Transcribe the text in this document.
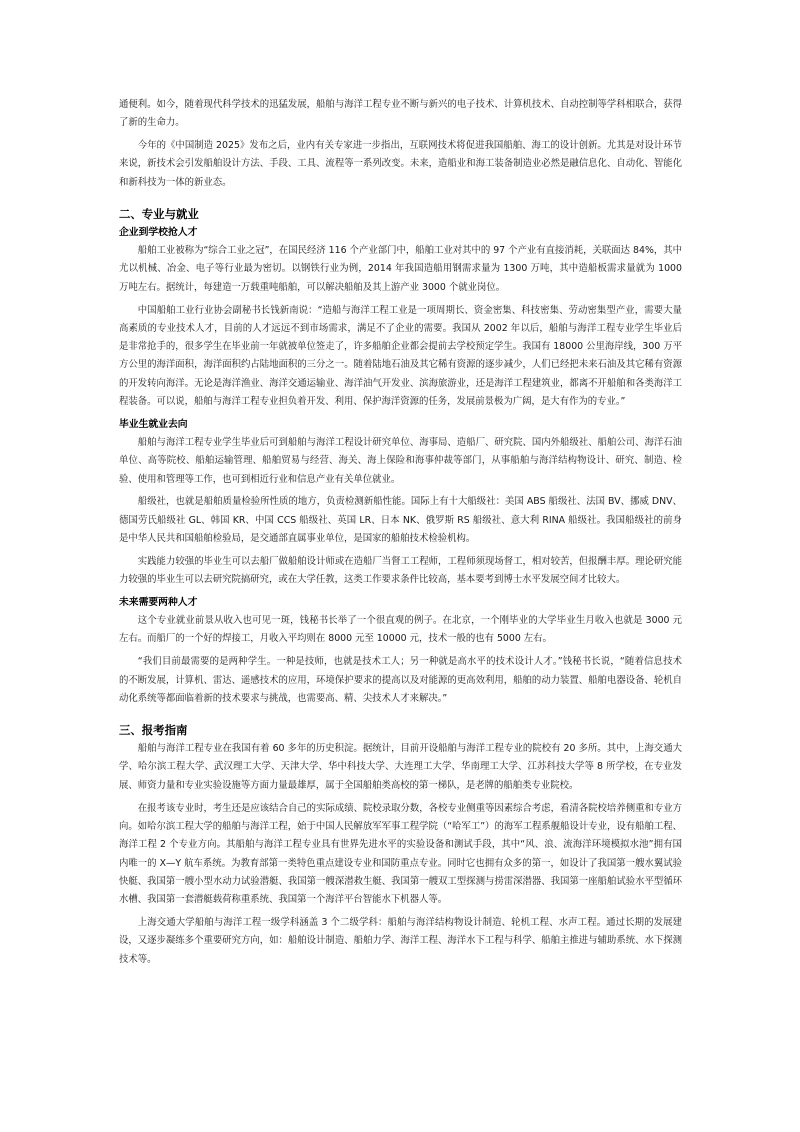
通便利。如今，随着现代科学技术的迅猛发展，船舶与海洋工程专业不断与新兴的电子技术、计算机技术、自动控制等学科相联合，获得了新的生命力。

今年的《中国制造 2025》发布之后，业内有关专家进一步指出，互联网技术将促进我国船舶、海工的设计创新。尤其是对设计环节来说，新技术会引发船舶设计方法、手段、工具、流程等一系列改变。未来，造船业和海工装备制造业必然是融信息化、自动化、智能化和新科技为一体的新业态。

二、专业与就业
企业到学校抢人才

船舶工业被称为“综合工业之冠”，在国民经济 116 个产业部门中，船舶工业对其中的 97 个产业有直接消耗，关联面达 84%，其中尤以机械、冶金、电子等行业最为密切。以钢铁行业为例，2014 年我国造船用钢需求量为 1300 万吨，其中造船板需求量就为 1000 万吨左右。据统计，每建造一万载重吨船舶，可以解决船舶及其上游产业 3000 个就业岗位。

中国船舶工业行业协会副秘书长钱新南说：“造船与海洋工程工业是一项周期长、资金密集、科技密集、劳动密集型产业，需要大量高素质的专业技术人才，目前的人才远远不到市场需求，满足不了企业的需要。我国从 2002 年以后，船舶与海洋工程专业学生毕业后是非常抢手的，很多学生在毕业前一年就被单位签走了，许多船舶企业都会提前去学校预定学生。我国有 18000 公里海岸线，300 万平方公里的海洋面积，海洋面积约占陆地面积的三分之一。随着陆地石油及其它稀有资源的逐步减少，人们已经把未来石油及其它稀有资源的开发转向海洋。无论是海洋渔业、海洋交通运输业、海洋油气开发业、滨海旅游业，还是海洋工程建筑业，都离不开船舶和各类海洋工程装备。可以说，船舶与海洋工程专业担负着开发、利用、保护海洋资源的任务，发展前景极为广阔，是大有作为的专业。”

毕业生就业去向

船舶与海洋工程专业学生毕业后可到船舶与海洋工程设计研究单位、海事局、造船厂、研究院、国内外船级社、船舶公司、海洋石油单位、高等院校、船舶运输管理、船舶贸易与经营、海关、海上保险和海事仲裁等部门，从事船舶与海洋结构物设计、研究、制造、检验、使用和管理等工作，也可到相近行业和信息产业有关单位就业。

船级社，也就是船舶质量检验所性质的地方，负责检测新船性能。国际上有十大船级社：美国 ABS 船级社、法国 BV、挪威 DNV、德国劳氏船级社 GL、韩国 KR、中国 CCS 船级社、英国 LR、日本 NK、俄罗斯 RS 船级社、意大利 RINA 船级社。我国船级社的前身是中华人民共和国船舶检验局，是交通部直属事业单位，是国家的船舶技术检验机构。

实践能力较强的毕业生可以去船厂做船舶设计师或在造船厂当督工工程师，工程师须现场督工，相对较苦，但报酬丰厚。理论研究能力较强的毕业生可以去研究院搞研究，或在大学任教，这类工作要求条件比较高，基本要考到博士水平发展空间才比较大。

未来需要两种人才

这个专业就业前景从收入也可见一斑，钱秘书长举了一个很直观的例子。在北京，一个刚毕业的大学毕业生月收入也就是 3000 元左右。而船厂的一个好的焊接工，月收入平均则在 8000 元至 10000 元，技术一般的也有 5000 左右。

“我们目前最需要的是两种学生。一种是技师，也就是技术工人；另一种就是高水平的技术设计人才。”钱秘书长说，“随着信息技术的不断发展，计算机、雷达、遥感技术的应用，环境保护要求的提高以及对能源的更高效利用，船舶的动力装置、船舶电器设备、轮机自动化系统等都面临着新的技术要求与挑战，也需要高、精、尖技术人才来解决。”

三、报考指南

船舶与海洋工程专业在我国有着 60 多年的历史积淀。据统计，目前开设船舶与海洋工程专业的院校有 20 多所。其中，上海交通大学、哈尔滨工程大学、武汉理工大学、天津大学、华中科技大学、大连理工大学、华南理工大学、江苏科技大学等 8 所学校，在专业发展、师资力量和专业实验设施等方面力量最雄厚，属于全国船舶类高校的第一梯队，是老牌的船舶类专业院校。

在报考该专业时，考生还是应该结合自己的实际成绩、院校录取分数，各校专业侧重等因素综合考虑，看清各院校培养侧重和专业方向。如哈尔滨工程大学的船舶与海洋工程，始于中国人民解放军军事工程学院（“哈军工”）的海军工程系舰船设计专业，设有船舶工程、海洋工程 2 个专业方向。其船舶与海洋工程专业具有世界先进水平的实验设备和测试手段，其中“风、浪、流海洋环境模拟水池”拥有国内唯一的 X—Y 航车系统。为教育部第一类特色重点建设专业和国防重点专业。同时它也拥有众多的第一，如设计了我国第一艘水翼试验快艇、我国第一艘小型水动力试验潜艇、我国第一艘深潜救生艇、我国第一艘双工型探测与捞雷深潜器、我国第一座船舶试验水平型循环水槽、我国第一套潜艇载荷称重系统、我国第一个海洋平台智能水下机器人等。

上海交通大学船舶与海洋工程一级学科涵盖 3 个二级学科：船舶与海洋结构物设计制造、轮机工程、水声工程。通过长期的发展建设，又逐步凝练多个重要研究方向，如：船舶设计制造、船舶力学、海洋工程、海洋水下工程与科学、船舶主推进与辅助系统、水下探测技术等。
